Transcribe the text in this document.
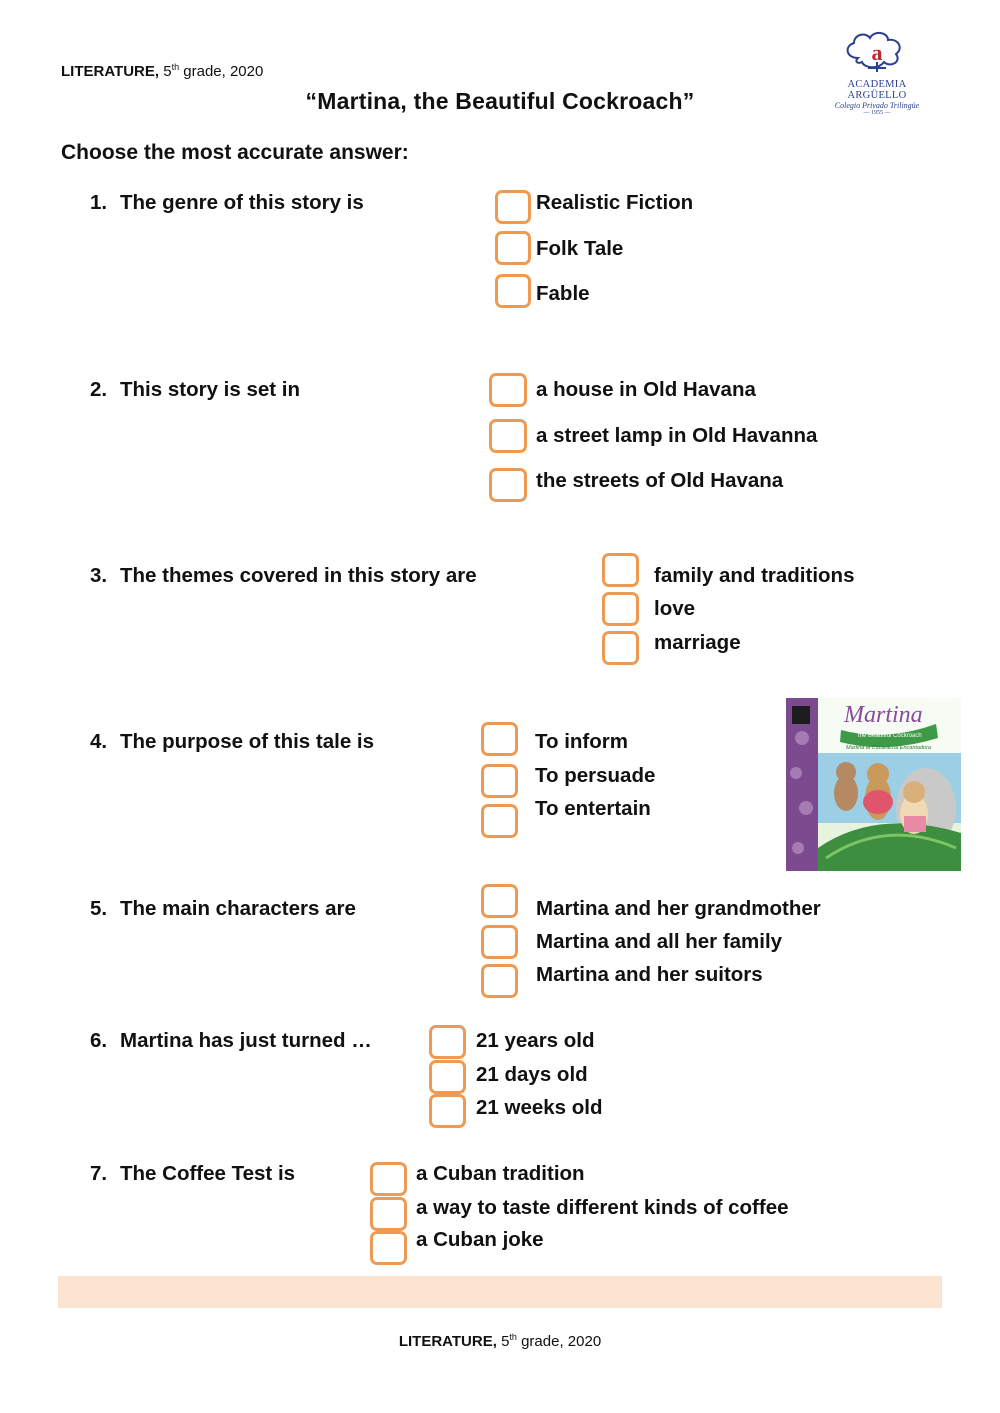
LITERATURE, 5th grade, 2020
a
ACADEMIA ARGÜELLO
Colegio Privado Trilingüe
— 1955 —
“Martina, the Beautiful Cockroach”
Choose the most accurate answer:
1. The genre of this story is	Realistic Fiction
Folk Tale
Fable
2. This story is set in	a house in Old Havana
a street lamp in Old Havanna
the streets of Old Havana
3. The themes covered in this story are	family and traditions
love
marriage
4. The purpose of this tale is	To inform
To persuade
To entertain
BILINGUAL
Martina
the Beautiful Cockroach
Martina la Cucaracha Encantadora
5. The main characters are	Martina and her grandmother
Martina and all her family
Martina and her suitors
6. Martina has just turned …	21 years old
21 days old
21 weeks old
7. The Coffee Test is	a Cuban tradition
a way to taste different kinds of coffee
a Cuban joke
LITERATURE, 5th grade, 2020
